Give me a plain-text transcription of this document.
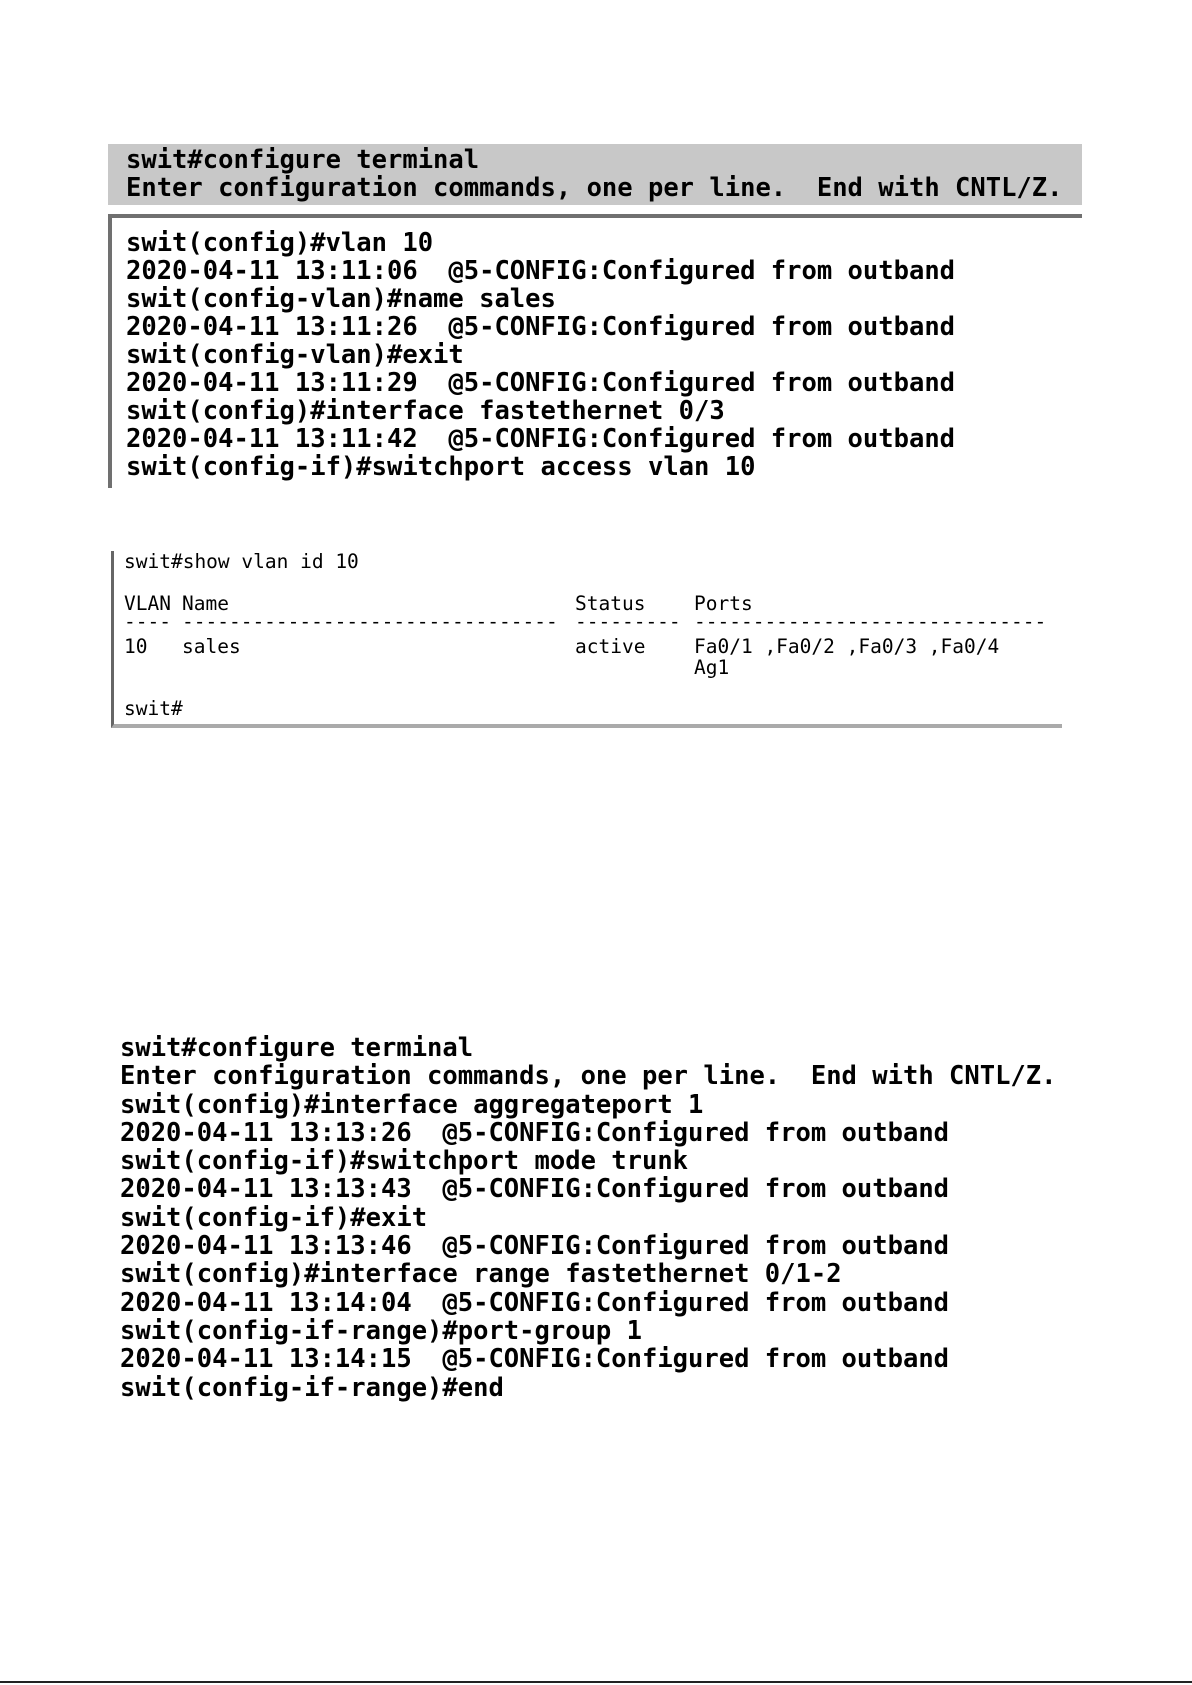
swit#configure terminal
Enter configuration commands, one per line.  End with CNTL/Z.
swit(config)#vlan 10
2020-04-11 13:11:06  @5-CONFIG:Configured from outband
swit(config-vlan)#name sales
2020-04-11 13:11:26  @5-CONFIG:Configured from outband
swit(config-vlan)#exit
2020-04-11 13:11:29  @5-CONFIG:Configured from outband
swit(config)#interface fastethernet 0/3
2020-04-11 13:11:42  @5-CONFIG:Configured from outband
swit(config-if)#switchport access vlan 10
swit#show vlan id 10
VLAN Name	Status Ports
---- -------------------------------- --------- ------------------------------
10 sales	active Fa0/1 ,Fa0/2 ,Fa0/3 ,Fa0/4
Ag1
swit#
swit#configure terminal
Enter configuration commands, one per line.  End with CNTL/Z.
swit(config)#interface aggregateport 1
2020-04-11 13:13:26  @5-CONFIG:Configured from outband
swit(config-if)#switchport mode trunk
2020-04-11 13:13:43  @5-CONFIG:Configured from outband
swit(config-if)#exit
2020-04-11 13:13:46  @5-CONFIG:Configured from outband
swit(config)#interface range fastethernet 0/1-2
2020-04-11 13:14:04  @5-CONFIG:Configured from outband
swit(config-if-range)#port-group 1
2020-04-11 13:14:15  @5-CONFIG:Configured from outband
swit(config-if-range)#end
